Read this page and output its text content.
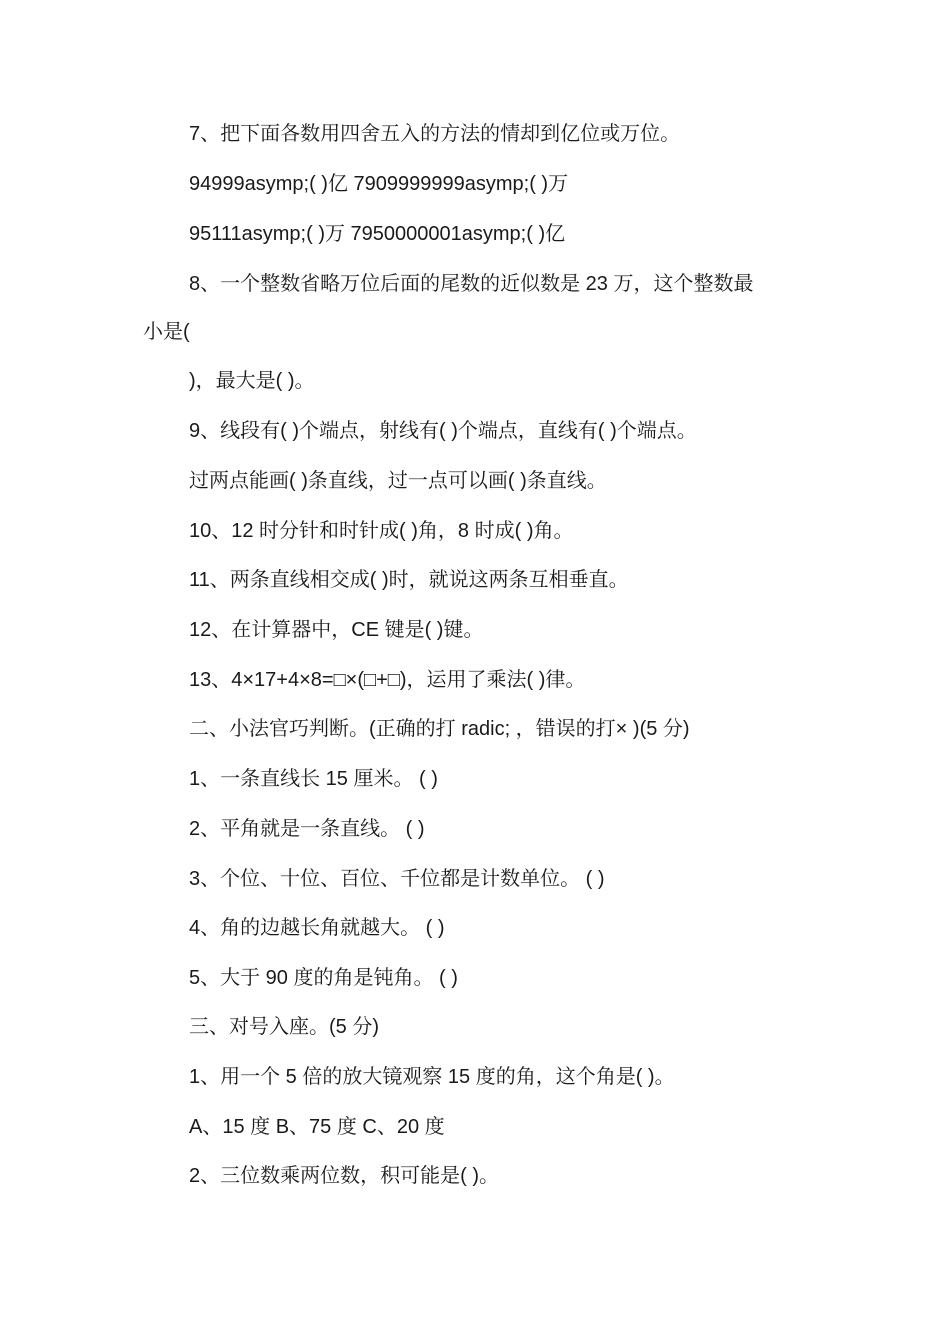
7、把下面各数用四舍五入的方法的情却到亿位或万位。
94999asymp;( )亿 7909999999asymp;( )万
95111asymp;( )万 7950000001asymp;( )亿
8、一个整数省略万位后面的尾数的近似数是 23 万，这个整数最
小是(
)，最大是( )。
9、线段有( )个端点，射线有( )个端点，直线有( )个端点。
过两点能画( )条直线，过一点可以画( )条直线。
10、12 时分针和时针成( )角，8 时成( )角。
11、两条直线相交成( )时，就说这两条互相垂直。
12、在计算器中，CE 键是( )键。
13、4×17+4×8=□×(□+□)，运用了乘法( )律。
二、小法官巧判断。(正确的打 radic; ，错误的打× )(5 分)
1、一条直线长 15 厘米。 ( )
2、平角就是一条直线。 ( )
3、个位、十位、百位、千位都是计数单位。 ( )
4、角的边越长角就越大。 ( )
5、大于 90 度的角是钝角。 ( )
三、对号入座。(5 分)
1、用一个 5 倍的放大镜观察 15 度的角，这个角是( )。
A、15 度 B、75 度 C、20 度
2、三位数乘两位数，积可能是( )。
